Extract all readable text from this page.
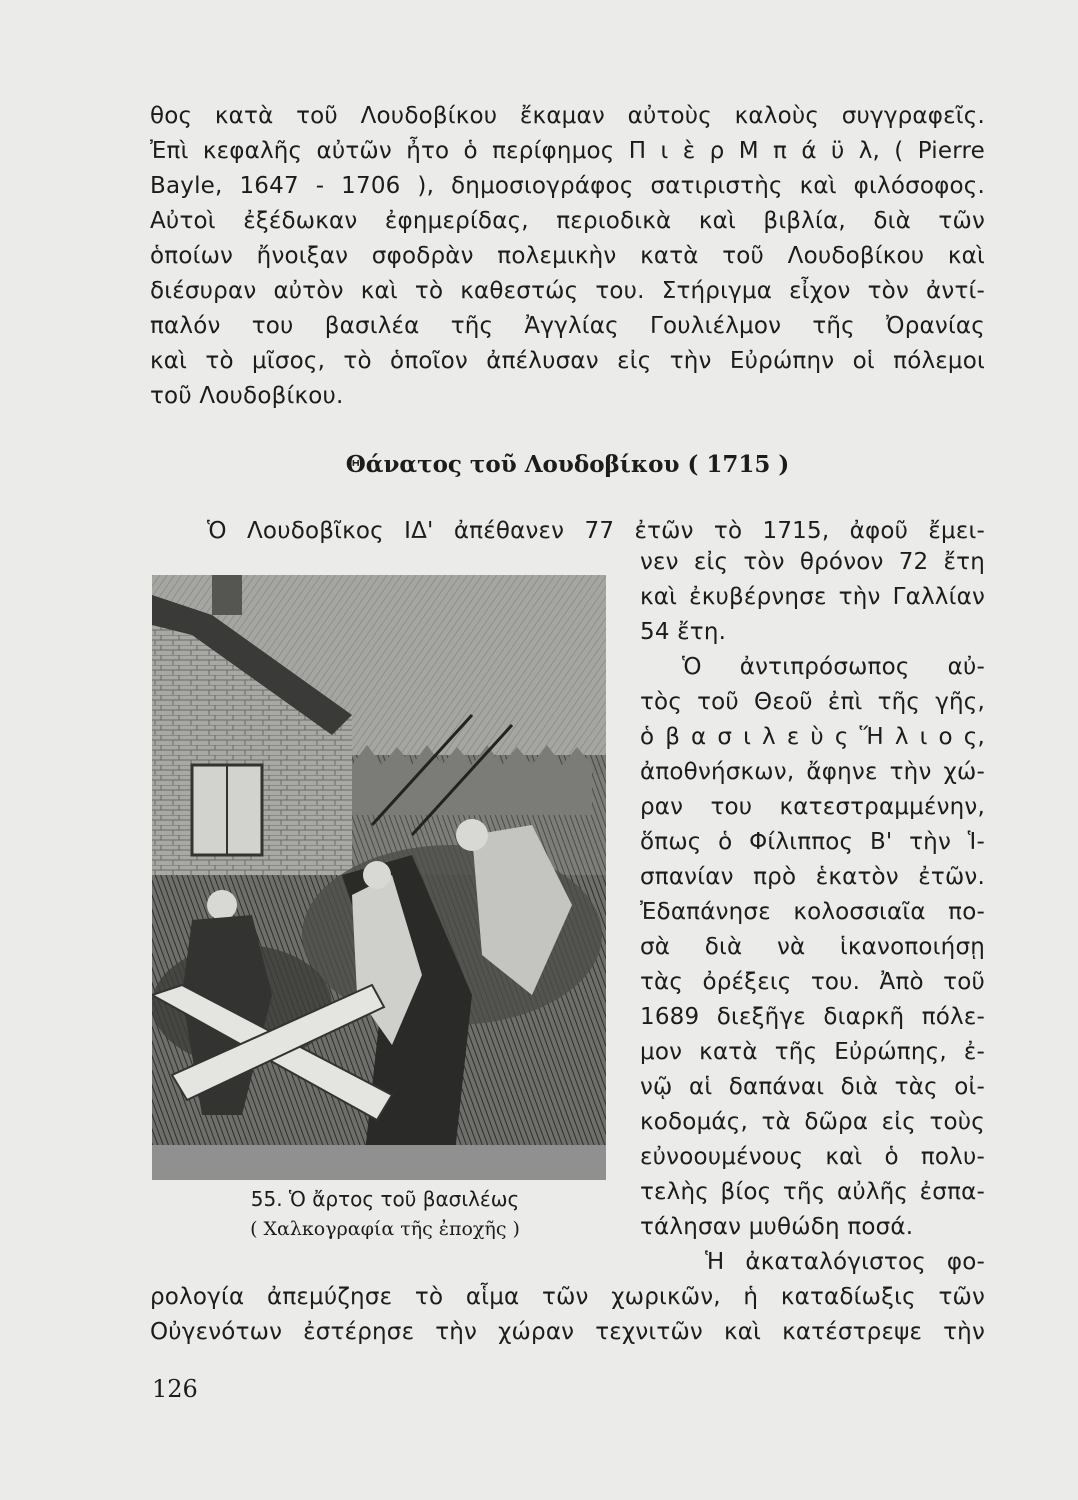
θος κατὰ τοῦ Λουδοβίκου ἔκαμαν αὐτοὺς καλοὺς συγγραφεῖς.
Ἐπὶ κεφαλῆς αὐτῶν ἦτο ὁ περίφημος Π ι ὲ ρ Μ π ά ϋ λ, ( Pierre
Bayle, 1647 - 1706 ), δημοσιογράφος σατιριστὴς καὶ φιλόσοφος.
Αὐτοὶ ἐξέδωκαν ἐφημερίδας, περιοδικὰ καὶ βιβλία, διὰ τῶν
ὁποίων ἤνοιξαν σφοδρὰν πολεμικὴν κατὰ τοῦ Λουδοβίκου καὶ
διέσυραν αὐτὸν καὶ τὸ καθεστώς του. Στήριγμα εἶχον τὸν ἀντί-
παλόν του βασιλέα τῆς Ἀγγλίας Γουλιέλμον τῆς Ὀρανίας
καὶ τὸ μῖσος, τὸ ὁποῖον ἀπέλυσαν εἰς τὴν Εὐρώπην οἱ πόλεμοι
τοῦ Λουδοβίκου.
Θάνατος τοῦ Λουδοβίκου ( 1715 )
Ὁ Λουδοβῖκος ΙΔ' ἀπέθανεν 77 ἐτῶν τὸ 1715, ἀφοῦ ἔμει-
νεν εἰς τὸν θρόνον 72 ἔτη
καὶ ἐκυβέρνησε τὴν Γαλλίαν
54 ἔτη.
Ὁ ἀντιπρόσωπος αὐ-
τὸς τοῦ Θεοῦ ἐπὶ τῆς γῆς,
ὁ β α σ ι λ ε ὺ ς Ἥ λ ι ο ς,
ἀποθνήσκων, ἄφηνε τὴν χώ-
ραν του κατεστραμμένην,
ὅπως ὁ Φίλιππος Β' τὴν Ἱ-
σπανίαν πρὸ ἑκατὸν ἐτῶν.
Ἐδαπάνησε κολοσσιαῖα πο-
σὰ διὰ νὰ ἱκανοποιήσῃ
τὰς ὀρέξεις του. Ἀπὸ τοῦ
1689 διεξῆγε διαρκῆ πόλε-
μον κατὰ τῆς Εὐρώπης, ἐ-
νῷ αἱ δαπάναι διὰ τὰς οἰ-
κοδομάς, τὰ δῶρα εἰς τοὺς
εὐνοουμένους καὶ ὁ πολυ-
τελὴς βίος τῆς αὐλῆς ἐσπα-
τάλησαν μυθώδη ποσά.
Ἡ ἀκαταλόγιστος φο-
55. Ὁ ἄρτος τοῦ βασιλέως
( Χαλκογραφία τῆς ἐποχῆς )
ρολογία ἀπεμύζησε τὸ αἷμα τῶν χωρικῶν, ἡ καταδίωξις τῶν
Οὐγενότων ἐστέρησε τὴν χώραν τεχνιτῶν καὶ κατέστρεψε τὴν
126
